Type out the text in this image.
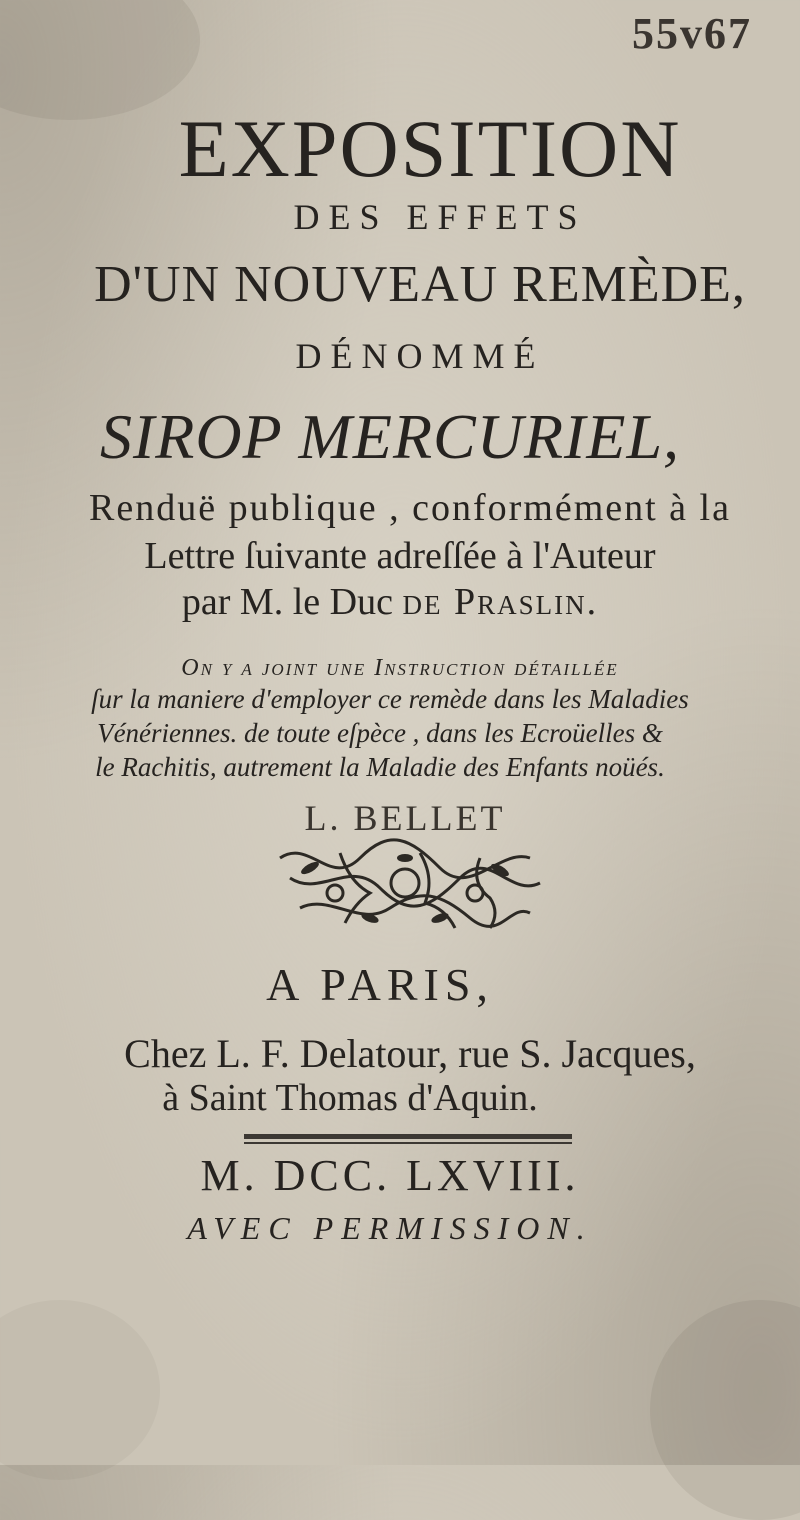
55v67
EXPOSITION
DES EFFETS
D'UN NOUVEAU REMÈDE,
DÉNOMMÉ
SIROP MERCURIEL,
Renduë publique , conformément à la
Lettre ſuivante adreſſée à l'Auteur
par M. le Duc de Praslin.
On y a joint une Instruction détaillée
ſur la maniere d'employer ce remède dans les Maladies
Vénériennes. de toute eſpèce , dans les Ecroüelles &
le Rachitis, autrement la Maladie des Enfants noüés.
L. BELLET
A PARIS,
Chez L. F. Delatour, rue S. Jacques,
à Saint Thomas d'Aquin.
M. DCC. LXVIII.
AVEC PERMISSION.
